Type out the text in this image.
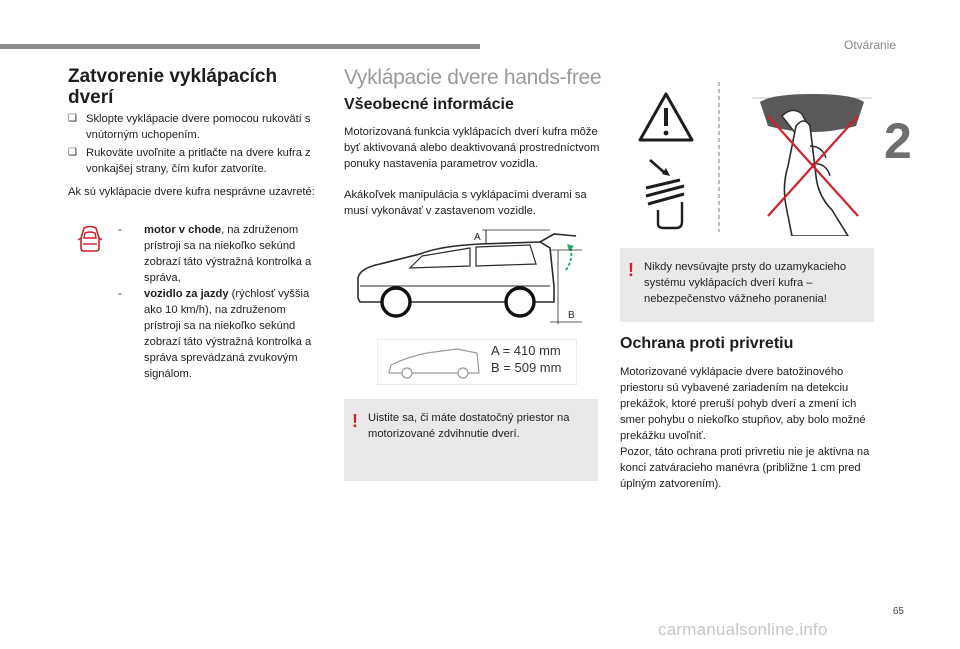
Otváranie
2
Zatvorenie vyklápacích dverí
❑ Sklopte vyklápacie dvere pomocou rukovätí s vnútorným uchopením.
❑ Rukoväte uvoľnite a pritlačte na dvere kufra z vonkajšej strany, čím kufor zatvoríte.
Ak sú vyklápacie dvere kufra nesprávne uzavreté:
-	motor v chode, na združenom prístroji sa na niekoľko sekúnd zobrazí táto výstražná kontrolka a správa,
-	vozidlo za jazdy (rýchlosť vyššia ako 10 km/h), na združenom prístroji sa na niekoľko sekúnd zobrazí táto výstražná kontrolka a správa sprevádzaná zvukovým signálom.
Vyklápacie dvere hands-free
Všeobecné informácie
Motorizovaná funkcia vyklápacích dverí kufra môže byť aktivovaná alebo deaktivovaná prostredníctvom ponuky nastavenia parametrov vozidla.
Akákoľvek manipulácia s vyklápacími dverami sa musí vykonávať v zastavenom vozidle.
A
B
A = 410 mm
B = 509 mm
! Uistite sa, či máte dostatočný priestor na motorizované zdvihnutie dverí.
! Nikdy nevsúvajte prsty do uzamykacieho systému vyklápacích dverí kufra – nebezpečenstvo vážneho poranenia!
Ochrana proti privretiu
Motorizované vyklápacie dvere batožinového priestoru sú vybavené zariadením na detekciu prekážok, ktoré preruší pohyb dverí a zmení ich smer pohybu o niekoľko stupňov, aby bolo možné prekážku uvoľniť.
Pozor, táto ochrana proti privretiu nie je aktívna na konci zatváracieho manévra (približne 1 cm pred úplným zatvorením).
65
carmanualsonline.info
